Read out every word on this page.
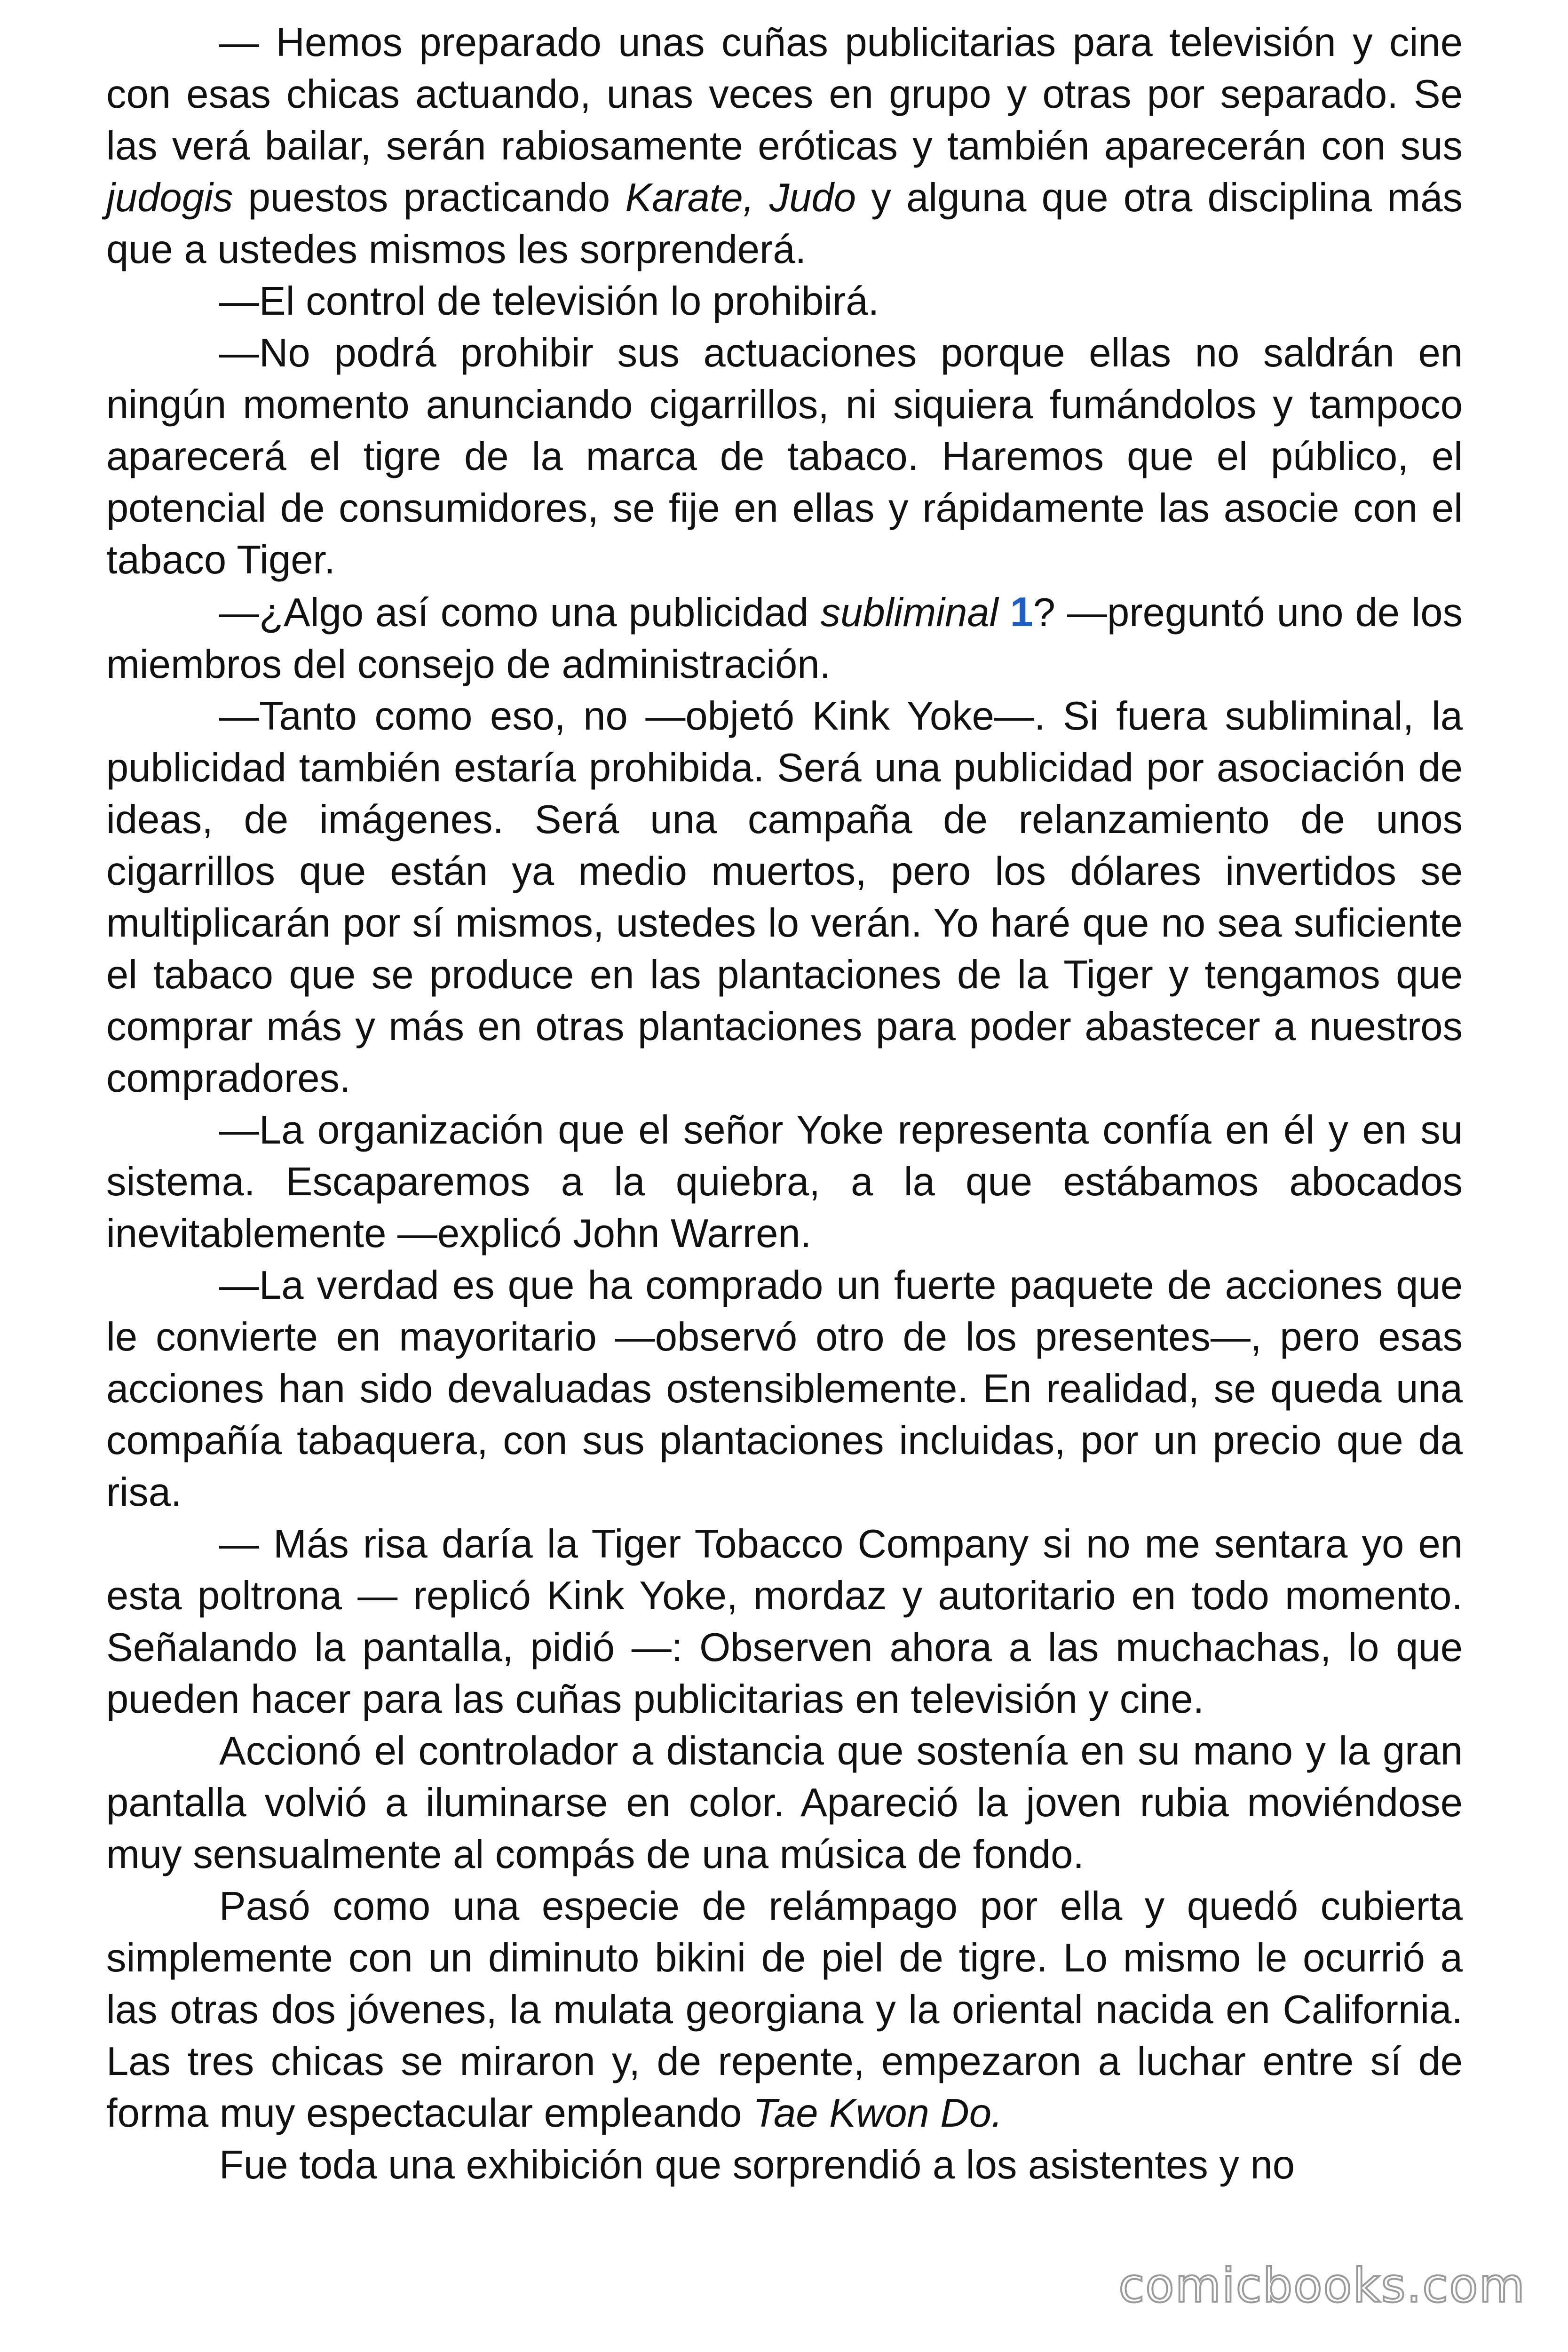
— Hemos preparado unas cuñas publicitarias para televisión y cine con esas chicas actuando, unas veces en grupo y otras por separado. Se las verá bailar, serán rabiosamente eróticas y también aparecerán con sus judogis puestos practicando Karate, Judo y alguna que otra disciplina más que a ustedes mismos les sorprenderá.

—El control de televisión lo prohibirá.

—No podrá prohibir sus actuaciones porque ellas no saldrán en ningún momento anunciando cigarrillos, ni siquiera fumándolos y tampoco aparecerá el tigre de la marca de tabaco. Haremos que el público, el potencial de consumidores, se fije en ellas y rápidamente las asocie con el tabaco Tiger.

—¿Algo así como una publicidad subliminal 1? —preguntó uno de los miembros del consejo de administración.

—Tanto como eso, no —objetó Kink Yoke—. Si fuera subliminal, la publicidad también estaría prohibida. Será una publicidad por asociación de ideas, de imágenes. Será una campaña de relanzamiento de unos cigarrillos que están ya medio muertos, pero los dólares invertidos se multiplicarán por sí mismos, ustedes lo verán. Yo haré que no sea suficiente el tabaco que se produce en las plantaciones de la Tiger y tengamos que comprar más y más en otras plantaciones para poder abastecer a nuestros compradores.

—La organización que el señor Yoke representa confía en él y en su sistema. Escaparemos a la quiebra, a la que estábamos abocados inevitablemente —explicó John Warren.

—La verdad es que ha comprado un fuerte paquete de acciones que le convierte en mayoritario —observó otro de los presentes—, pero esas acciones han sido devaluadas ostensiblemente. En realidad, se queda una compañía tabaquera, con sus plantaciones incluidas, por un precio que da risa.

— Más risa daría la Tiger Tobacco Company si no me sentara yo en esta poltrona — replicó Kink Yoke, mordaz y autoritario en todo momento. Señalando la pantalla, pidió —: Observen ahora a las muchachas, lo que pueden hacer para las cuñas publicitarias en televisión y cine.

Accionó el controlador a distancia que sostenía en su mano y la gran pantalla volvió a iluminarse en color. Apareció la joven rubia moviéndose muy sensualmente al compás de una música de fondo.

Pasó como una especie de relámpago por ella y quedó cubierta simplemente con un diminuto bikini de piel de tigre. Lo mismo le ocurrió a las otras dos jóvenes, la mulata georgiana y la oriental nacida en California. Las tres chicas se miraron y, de repente, empezaron a luchar entre sí de forma muy espectacular empleando Tae Kwon Do.

Fue toda una exhibición que sorprendió a los asistentes y no

comicbooks.com
